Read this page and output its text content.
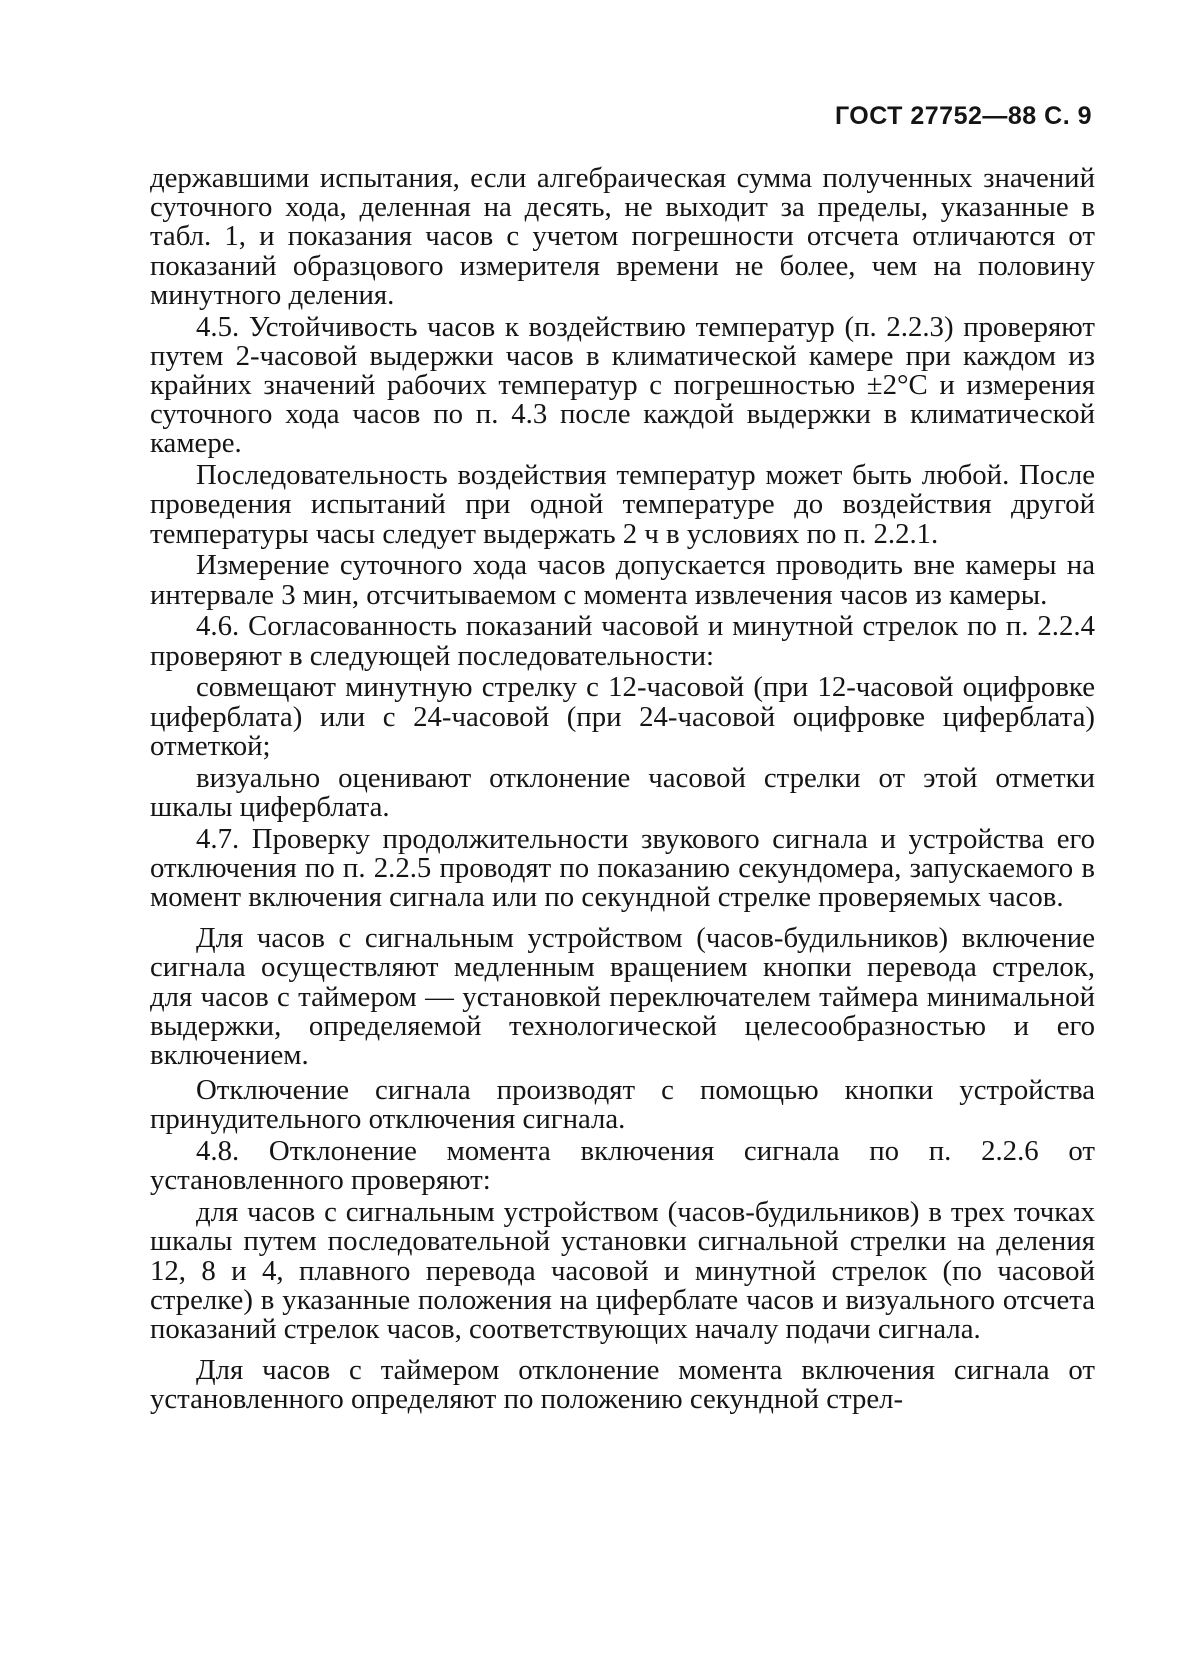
ГОСТ 27752—88 С. 9

державшими испытания, если алгебраическая сумма полученных значений суточного хода, деленная на десять, не выходит за пределы, указанные в табл. 1, и показания часов с учетом погрешности отсчета отличаются от показаний образцового измерителя времени не более, чем на половину минутного деления.

4.5. Устойчивость часов к воздействию температур (п. 2.2.3) проверяют путем 2-часовой выдержки часов в климатической камере при каждом из крайних значений рабочих температур с погрешностью ±2°С и измерения суточного хода часов по п. 4.3 после каждой выдержки в климатической камере.

Последовательность воздействия температур может быть любой. После проведения испытаний при одной температуре до воздействия другой температуры часы следует выдержать 2 ч в условиях по п. 2.2.1.

Измерение суточного хода часов допускается проводить вне камеры на интервале 3 мин, отсчитываемом с момента извлечения часов из камеры.

4.6. Согласованность показаний часовой и минутной стрелок по п. 2.2.4 проверяют в следующей последовательности:

совмещают минутную стрелку с 12-часовой (при 12-часовой оцифровке циферблата) или с 24-часовой (при 24-часовой оцифровке циферблата) отметкой;

визуально оценивают отклонение часовой стрелки от этой отметки шкалы циферблата.

4.7. Проверку продолжительности звукового сигнала и устройства его отключения по п. 2.2.5 проводят по показанию секундомера, запускаемого в момент включения сигнала или по секундной стрелке проверяемых часов.

Для часов с сигнальным устройством (часов-будильников) включение сигнала осуществляют медленным вращением кнопки перевода стрелок, для часов с таймером — установкой переключателем таймера минимальной выдержки, определяемой технологической целесообразностью и его включением.

Отключение сигнала производят с помощью кнопки устройства принудительного отключения сигнала.

4.8. Отклонение момента включения сигнала по п. 2.2.6 от установленного проверяют:

для часов с сигнальным устройством (часов-будильников) в трех точках шкалы путем последовательной установки сигнальной стрелки на деления 12, 8 и 4, плавного перевода часовой и минутной стрелок (по часовой стрелке) в указанные положения на циферблате часов и визуального отсчета показаний стрелок часов, соответствующих началу подачи сигнала.

Для часов с таймером отклонение момента включения сигнала от установленного определяют по положению секундной стрел-
